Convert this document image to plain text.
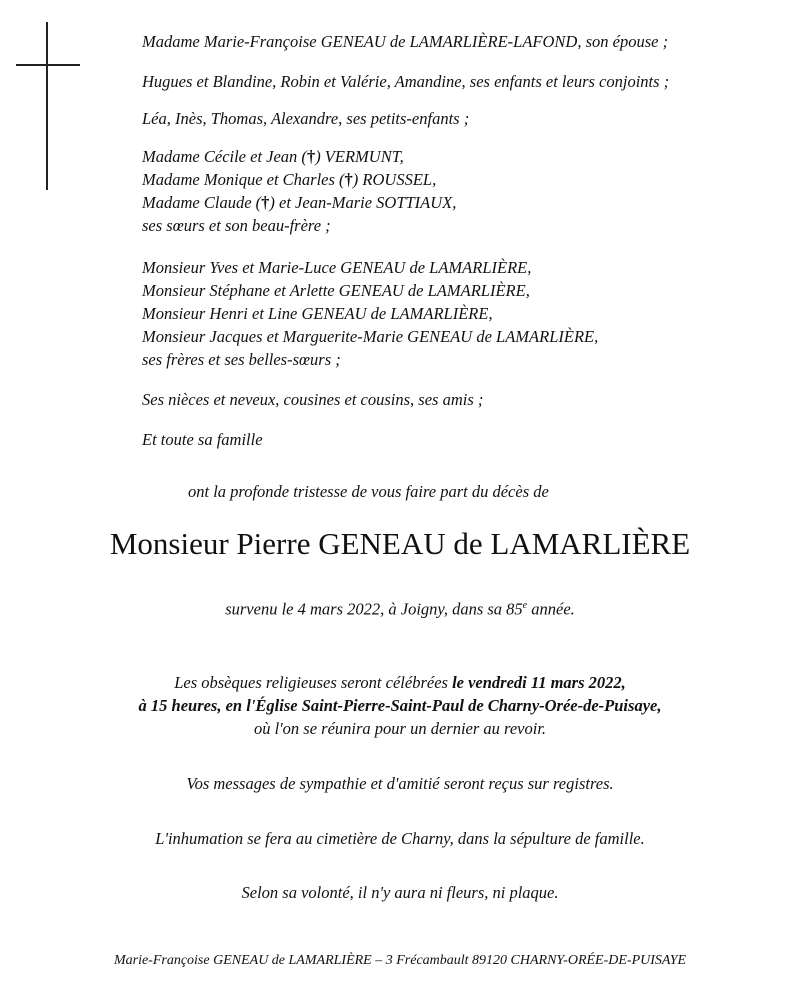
Madame Marie-Françoise GENEAU de LAMARLIÈRE-LAFOND, son épouse ;
Hugues et Blandine, Robin et Valérie, Amandine, ses enfants et leurs conjoints ;
Léa, Inès, Thomas, Alexandre, ses petits-enfants ;
Madame Cécile et Jean (†) VERMUNT,
Madame Monique et Charles (†) ROUSSEL,
Madame Claude (†) et Jean-Marie SOTTIAUX,
ses sœurs et son beau-frère ;
Monsieur Yves et Marie-Luce GENEAU de LAMARLIÈRE,
Monsieur Stéphane et Arlette GENEAU de LAMARLIÈRE,
Monsieur Henri et Line GENEAU de LAMARLIÈRE,
Monsieur Jacques et Marguerite-Marie GENEAU de LAMARLIÈRE,
ses frères et ses belles-sœurs ;
Ses nièces et neveux, cousines et cousins, ses amis ;
Et toute sa famille
ont la profonde tristesse de vous faire part du décès de
Monsieur Pierre GENEAU de LAMARLIÈRE
survenu le 4 mars 2022, à Joigny, dans sa 85e année.
Les obsèques religieuses seront célébrées le vendredi 11 mars 2022,
à 15 heures, en l'Église Saint-Pierre-Saint-Paul de Charny-Orée-de-Puisaye,
où l'on se réunira pour un dernier au revoir.
Vos messages de sympathie et d'amitié seront reçus sur registres.
L'inhumation se fera au cimetière de Charny, dans la sépulture de famille.
Selon sa volonté, il n'y aura ni fleurs, ni plaque.
Marie-Françoise GENEAU de LAMARLIÈRE – 3 Frécambault 89120 CHARNY-ORÉE-DE-PUISAYE
